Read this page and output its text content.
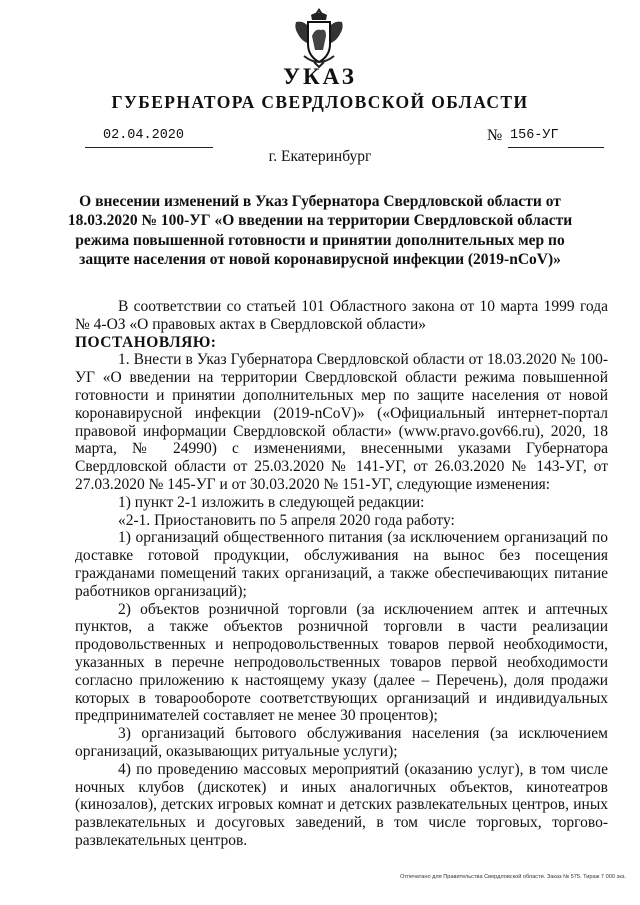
УКАЗ
ГУБЕРНАТОРА СВЕРДЛОВСКОЙ ОБЛАСТИ
02.04.2020	№ 156-УГ
г. Екатеринбург
О внесении изменений в Указ Губернатора Свердловской области от 18.03.2020 № 100-УГ «О введении на территории Свердловской области режима повышенной готовности и принятии дополнительных мер по защите населения от новой коронавирусной инфекции (2019-nCoV)»

В соответствии со статьей 101 Областного закона от 10 марта 1999 года № 4-ОЗ «О правовых актах в Свердловской области»

ПОСТАНОВЛЯЮ:

1. Внести в Указ Губернатора Свердловской области от 18.03.2020 № 100-УГ «О введении на территории Свердловской области режима повышенной готовности и принятии дополнительных мер по защите населения от новой коронавирусной инфекции (2019-nCoV)» («Официальный интернет-портал правовой информации Свердловской области» (www.pravo.gov66.ru), 2020, 18 марта, № 24990) с изменениями, внесенными указами Губернатора Свердловской области от 25.03.2020 № 141-УГ, от 26.03.2020 № 143-УГ, от 27.03.2020 № 145-УГ и от 30.03.2020 № 151-УГ, следующие изменения:

1) пункт 2-1 изложить в следующей редакции:

«2-1. Приостановить по 5 апреля 2020 года работу:

1) организаций общественного питания (за исключением организаций по доставке готовой продукции, обслуживания на вынос без посещения гражданами помещений таких организаций, а также обеспечивающих питание работников организаций);

2) объектов розничной торговли (за исключением аптек и аптечных пунктов, а также объектов розничной торговли в части реализации продовольственных и непродовольственных товаров первой необходимости, указанных в перечне непродовольственных товаров первой необходимости согласно приложению к настоящему указу (далее – Перечень), доля продажи которых в товарообороте соответствующих организаций и индивидуальных предпринимателей составляет не менее 30 процентов);

3) организаций бытового обслуживания населения (за исключением организаций, оказывающих ритуальные услуги);

4) по проведению массовых мероприятий (оказанию услуг), в том числе ночных клубов (дискотек) и иных аналогичных объектов, кинотеатров (кинозалов), детских игровых комнат и детских развлекательных центров, иных развлекательных и досуговых заведений, в том числе торговых, торгово-развлекательных центров.

Отпечатано для Правительства Свердловской области. Заказ № 575. Тираж 7 000 экз.
